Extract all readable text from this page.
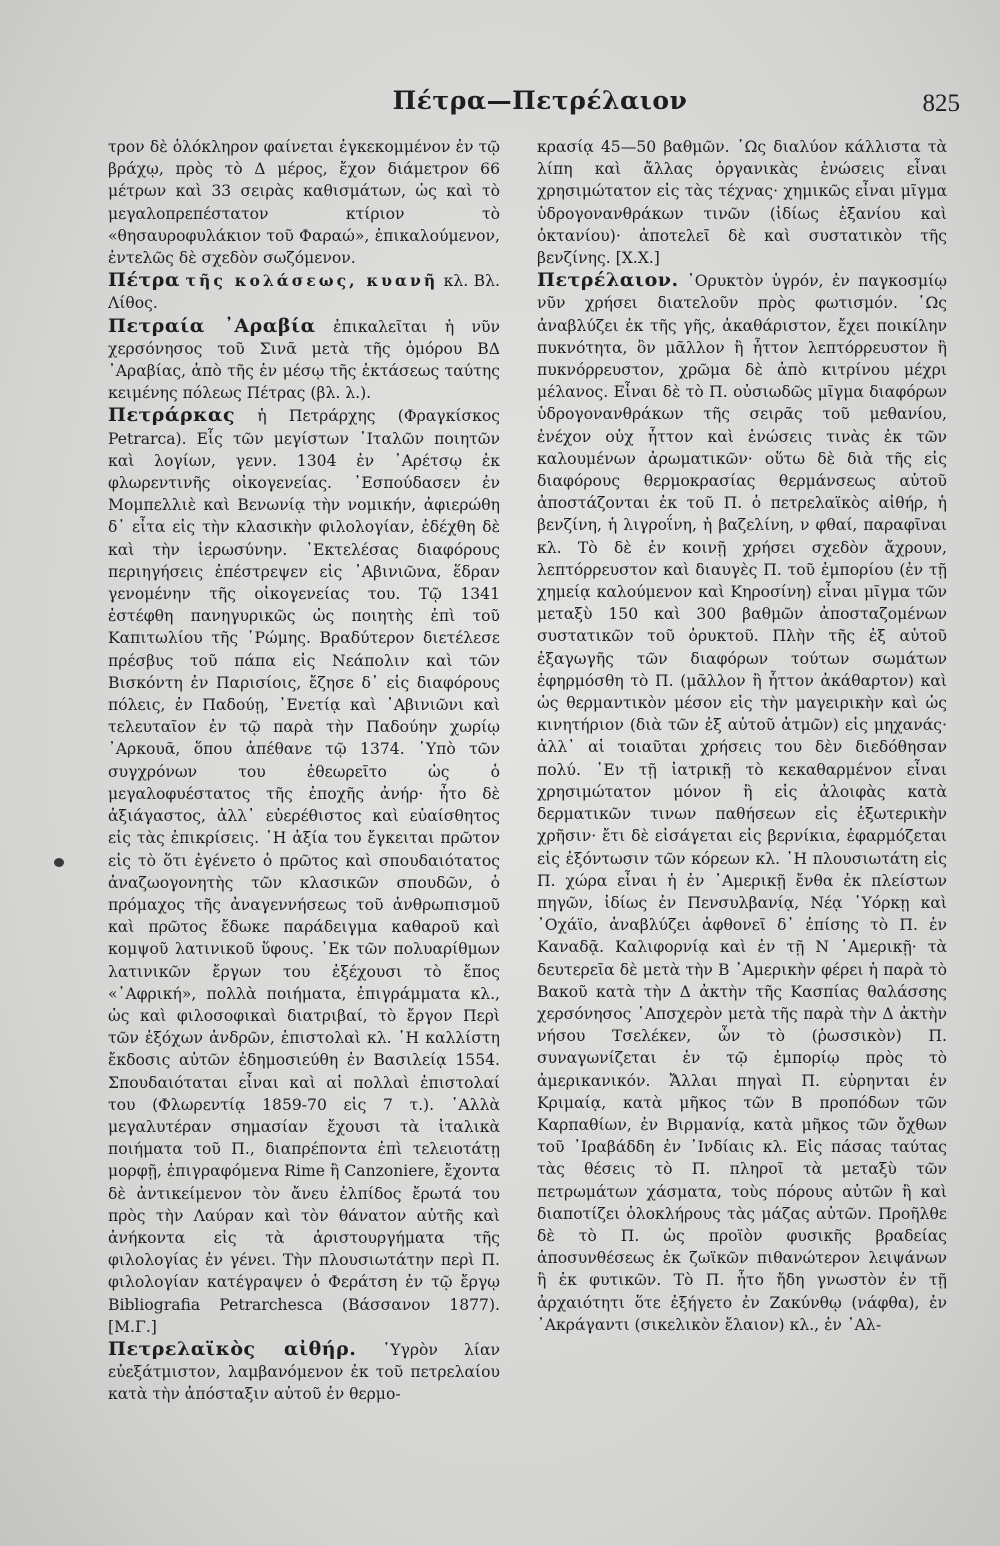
Πέτρα—Πετρέλαιον	825

τρον δὲ ὁλόκληρον φαίνεται ἐγκεκομμένον ἐν τῷ βράχῳ, πρὸς τὸ Δ μέρος, ἔχον διάμετρον 66 μέτρων καὶ 33 σειρὰς καθισμάτων, ὡς καὶ τὸ μεγαλοπρεπέστατον κτίριον τὸ «θησαυροφυλάκιον τοῦ Φαραώ», ἐπικαλούμενον, ἐντελῶς δὲ σχεδὸν σωζόμενον.

Πέτρα τῆς κολάσεως, κυανῆ κλ. Βλ. Λίθος.

Πετραία ᾿Αραβία ἐπικαλεῖται ἡ νῦν χερσόνησος τοῦ Σινᾶ μετὰ τῆς ὁμόρου ΒΔ ᾿Αραβίας, ἀπὸ τῆς ἐν μέσῳ τῆς ἐκτάσεως ταύτης κειμένης πόλεως Πέτρας (βλ. λ.).

Πετράρκας ἡ Πετράρχης (Φραγκίσκος Petrarca). Εἷς τῶν μεγίστων ᾿Ιταλῶν ποιητῶν καὶ λογίων, γενν. 1304 ἐν ᾿Αρέτσῳ ἐκ φλωρεντινῆς οἰκογενείας. ᾿Εσπούδασεν ἐν Μομπελλιὲ καὶ Βενωνίᾳ τὴν νομικήν, ἀφιερώθη δ᾿ εἶτα εἰς τὴν κλασικὴν φιλολογίαν, ἐδέχθη δὲ καὶ τὴν ἱερωσύνην. ᾿Εκτελέσας διαφόρους περιηγήσεις ἐπέστρεψεν εἰς ᾿Αβινιῶνα, ἕδραν γενομένην τῆς οἰκογενείας του. Τῷ 1341 ἐστέφθη πανηγυρικῶς ὡς ποιητὴς ἐπὶ τοῦ Καπιτωλίου τῆς ῾Ρώμης. Βραδύτερον διετέλεσε πρέσβυς τοῦ πάπα εἰς Νεάπολιν καὶ τῶν Βισκόντη ἐν Παρισίοις, ἔζησε δ᾿ εἰς διαφόρους πόλεις, ἐν Παδούῃ, ᾿Ενετίᾳ καὶ ᾿Αβινιῶνι καὶ τελευταῖον ἐν τῷ παρὰ τὴν Παδούην χωρίῳ ᾿Αρκουᾶ, ὅπου ἀπέθανε τῷ 1374. ῾Υπὸ τῶν συγχρόνων του ἐθεωρεῖτο ὡς ὁ μεγαλοφυέστατος τῆς ἐποχῆς ἀνήρ· ἦτο δὲ ἀξιάγαστος, ἀλλ᾿ εὐερέθιστος καὶ εὐαίσθητος εἰς τὰς ἐπικρίσεις. ῾Η ἀξία του ἔγκειται πρῶτον εἰς τὸ ὅτι ἐγένετο ὁ πρῶτος καὶ σπουδαιότατος ἀναζωογονητὴς τῶν κλασικῶν σπουδῶν, ὁ πρόμαχος τῆς ἀναγεννήσεως τοῦ ἀνθρωπισμοῦ καὶ πρῶτος ἔδωκε παράδειγμα καθαροῦ καὶ κομψοῦ λατινικοῦ ὕφους. ᾿Εκ τῶν πολυαρίθμων λατινικῶν ἔργων του ἐξέχουσι τὸ ἔπος «᾿Αφρική», πολλὰ ποιήματα, ἐπιγράμματα κλ., ὡς καὶ φιλοσοφικαὶ διατριβαί, τὸ ἔργον Περὶ τῶν ἐξόχων ἀνδρῶν, ἐπιστολαὶ κλ. ῾Η καλλίστη ἔκδοσις αὐτῶν ἐδημοσιεύθη ἐν Βασιλείᾳ 1554. Σπουδαιόταται εἶναι καὶ αἱ πολλαὶ ἐπιστολαί του (Φλωρεντίᾳ 1859-70 εἰς 7 τ.). ᾿Αλλὰ μεγαλυτέραν σημασίαν ἔχουσι τὰ ἰταλικὰ ποιήματα τοῦ Π., διαπρέποντα ἐπὶ τελειοτάτῃ μορφῇ, ἐπιγραφόμενα Rime ἢ Canzoniere, ἔχοντα δὲ ἀντικείμενον τὸν ἄνευ ἐλπίδος ἔρωτά του πρὸς τὴν Λαύραν καὶ τὸν θάνατον αὐτῆς καὶ ἀνήκοντα εἰς τὰ ἀριστουργήματα τῆς φιλολογίας ἐν γένει. Τὴν πλουσιωτάτην περὶ Π. φιλολογίαν κατέγραψεν ὁ Φεράτση ἐν τῷ ἔργῳ Bibliografia Petrarchesca (Βάσσανον 1877). [Μ.Γ.]

Πετρελαϊκὸς αἰθήρ. ῾Υγρὸν λίαν εὐεξάτμιστον, λαμβανόμενον ἐκ τοῦ πετρελαίου κατὰ τὴν ἀπόσταξιν αὐτοῦ ἐν θερμο-

κρασίᾳ 45—50 βαθμῶν. ῾Ως διαλύον κάλλιστα τὰ λίπη καὶ ἄλλας ὀργανικὰς ἑνώσεις εἶναι χρησιμώτατον εἰς τὰς τέχνας· χημικῶς εἶναι μῖγμα ὑδρογονανθράκων τινῶν (ἰδίως ἑξανίου καὶ ὀκτανίου)· ἀποτελεῖ δὲ καὶ συστατικὸν τῆς βενζίνης. [Χ.Χ.]

Πετρέλαιον. ᾿Ορυκτὸν ὑγρόν, ἐν παγκοσμίῳ νῦν χρήσει διατελοῦν πρὸς φωτισμόν. ῾Ως ἀναβλύζει ἐκ τῆς γῆς, ἀκαθάριστον, ἔχει ποικίλην πυκνότητα, ὂν μᾶλλον ἢ ἧττον λεπτόρρευστον ἢ πυκνόρρευστον, χρῶμα δὲ ἀπὸ κιτρίνου μέχρι μέλανος. Εἶναι δὲ τὸ Π. οὐσιωδῶς μῖγμα διαφόρων ὑδρογονανθράκων τῆς σειρᾶς τοῦ μεθανίου, ἐνέχον οὐχ ἧττον καὶ ἑνώσεις τινὰς ἐκ τῶν καλουμένων ἀρωματικῶν· οὕτω δὲ διὰ τῆς εἰς διαφόρους θερμοκρασίας θερμάνσεως αὐτοῦ ἀποστάζονται ἐκ τοῦ Π. ὁ πετρελαϊκὸς αἰθήρ, ἡ βενζίνη, ἡ λιγροΐνη, ἡ βαζελίνη, ν φθαί, παραφῖναι κλ. Τὸ δὲ ἐν κοινῇ χρήσει σχεδὸν ἄχρουν, λεπτόρρευστον καὶ διαυγὲς Π. τοῦ ἐμπορίου (ἐν τῇ χημείᾳ καλούμενον καὶ Κηροσίνη) εἶναι μῖγμα τῶν μεταξὺ 150 καὶ 300 βαθμῶν ἀποσταζομένων συστατικῶν τοῦ ὀρυκτοῦ. Πλὴν τῆς ἐξ αὐτοῦ ἐξαγωγῆς τῶν διαφόρων τούτων σωμάτων ἐφηρμόσθη τὸ Π. (μᾶλλον ἢ ἧττον ἀκάθαρτον) καὶ ὡς θερμαντικὸν μέσον εἰς τὴν μαγειρικὴν καὶ ὡς κινητήριον (διὰ τῶν ἐξ αὐτοῦ ἀτμῶν) εἰς μηχανάς· ἀλλ᾿ αἱ τοιαῦται χρήσεις του δὲν διεδόθησαν πολύ. ᾿Εν τῇ ἰατρικῇ τὸ κεκαθαρμένον εἶναι χρησιμώτατον μόνον ἢ εἰς ἀλοιφὰς κατὰ δερματικῶν τινων παθήσεων εἰς ἐξωτερικὴν χρῆσιν· ἔτι δὲ εἰσάγεται εἰς βερνίκια, ἐφαρμόζεται εἰς ἐξόντωσιν τῶν κόρεων κλ. ῾Η πλουσιωτάτη εἰς Π. χώρα εἶναι ἡ ἐν ᾿Αμερικῇ ἔνθα ἐκ πλείστων πηγῶν, ἰδίως ἐν Πενσυλβανίᾳ, Νέᾳ ῾Υόρκῃ καὶ ᾿Οχάϊο, ἀναβλύζει ἀφθονεῖ δ᾿ ἐπίσης τὸ Π. ἐν Καναδᾷ. Καλιφορνίᾳ καὶ ἐν τῇ Ν ᾿Αμερικῇ· τὰ δευτερεῖα δὲ μετὰ τὴν Β ᾿Αμερικὴν φέρει ἡ παρὰ τὸ Βακοῦ κατὰ τὴν Δ ἀκτὴν τῆς Κασπίας θαλάσσης χερσόνησος ᾿Απσχερὸν μετὰ τῆς παρὰ τὴν Δ ἀκτὴν νήσου Τσελέκεν, ὧν τὸ (ῥωσσικὸν) Π. συναγωνίζεται ἐν τῷ ἐμπορίῳ πρὸς τὸ ἀμερικανικόν. Ἄλλαι πηγαὶ Π. εὑρηνται ἐν Κριμαίᾳ, κατὰ μῆκος τῶν Β προπόδων τῶν Καρπαθίων, ἐν Βιρμανίᾳ, κατὰ μῆκος τῶν ὄχθων τοῦ ᾿Ιραβάδδη ἐν ᾿Ινδίαις κλ. Εἰς πάσας ταύτας τὰς θέσεις τὸ Π. πληροῖ τὰ μεταξὺ τῶν πετρωμάτων χάσματα, τοὺς πόρους αὐτῶν ἢ καὶ διαποτίζει ὁλοκλήρους τὰς μάζας αὐτῶν. Προῆλθε δὲ τὸ Π. ὡς προϊὸν φυσικῆς βραδείας ἀποσυνθέσεως ἐκ ζωϊκῶν πιθανώτερον λειψάνων ἢ ἐκ φυτικῶν. Τὸ Π. ἦτο ἤδη γνωστὸν ἐν τῇ ἀρχαιότητι ὅτε ἐξήγετο ἐν Ζακύνθῳ (νάφθα), ἐν ᾿Ακράγαντι (σικελικὸν ἔλαιον) κλ., ἐν ᾿Αλ-
